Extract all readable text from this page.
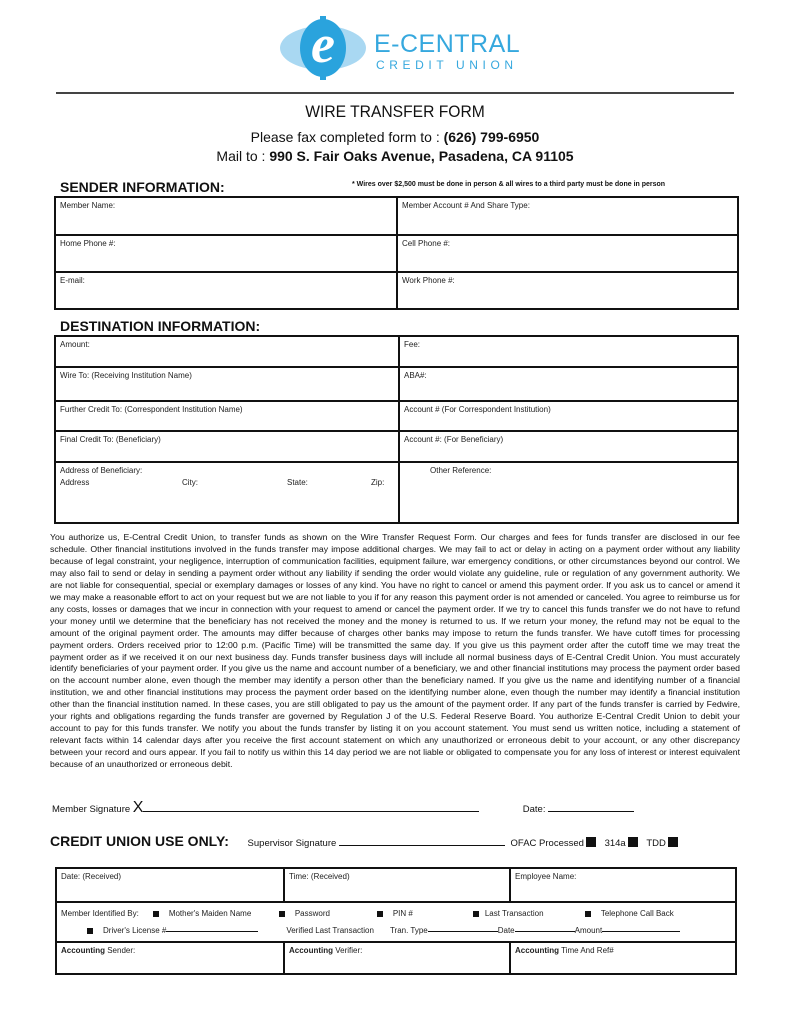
e	E-CENTRAL
CREDIT UNION
WIRE TRANSFER FORM
Please fax completed form to : (626) 799-6950
Mail to : 990 S. Fair Oaks Avenue, Pasadena, CA 91105
SENDER INFORMATION:	* Wires over $2,500 must be done in person & all wires to a third party must be done in person
Member Name:	Member Account # And Share Type:

Home Phone #:	Cell Phone #:

E-mail:	Work Phone #:
DESTINATION INFORMATION:
Amount:	Fee:

Wire To: (Receiving Institution Name)	ABA#:

Further Credit To: (Correspondent Institution Name)	Account # (For Correspondent Institution)

Final Credit To: (Beneficiary)	Account #: (For Beneficiary)

Address of Beneficiary:
Address City: State: Zip:	Other Reference:
You authorize us, E-Central Credit Union, to transfer funds as shown on the Wire Transfer Request Form. Our charges and fees for funds transfer are disclosed in our fee schedule. Other financial institutions involved in the funds transfer may impose additional charges. We may fail to act or delay in acting on a payment order without any liability because of legal constraint, your negligence, interruption of communication facilities, equipment failure, war emergency conditions, or other circumstances beyond our control. We may also fail to send or delay in sending a payment order without any liability if sending the order would violate any guideline, rule or regulation of any government authority. We are not liable for consequential, special or exemplary damages or losses of any kind. You have no right to cancel or amend this payment order. If you ask us to cancel or amend it we may make a reasonable effort to act on your request but we are not liable to you if for any reason this payment order is not amended or canceled. You agree to reimburse us for any costs, losses or damages that we incur in connection with your request to amend or cancel the payment order. If we try to cancel this funds transfer we do not have to refund your money until we determine that the beneficiary has not received the money and the money is returned to us. If we return your money, the refund may not be equal to the amount of the original payment order. The amounts may differ because of charges other banks may impose to return the funds transfer. We have cutoff times for processing payment orders. Orders received prior to 12:00 p.m. (Pacific Time) will be transmitted the same day. If you give us this payment order after the cutoff time we may treat the payment order as if we received it on our next business day. Funds transfer business days will include all normal business days of E-Central Credit Union. You must accurately identify beneficiaries of your payment order. If you give us the name and account number of a beneficiary, we and other financial institutions may process the payment order based on the account number alone, even though the member may identify a person other than the beneficiary named. If you give us the name and identifying number of a financial institution, we and other financial institutions may process the payment order based on the identifying number alone, even though the number may identify a financial institution other than the financial institution named. In these cases, you are still obligated to pay us the amount of the payment order. If any part of the funds transfer is carried by Fedwire, your rights and obligations regarding the funds transfer are governed by Regulation J of the U.S. Federal Reserve Board. You authorize E-Central Credit Union to debit your account to pay for this funds transfer. We notify you about the funds transfer by listing it on you account statement. You must send us written notice, including a statement of relevant facts within 14 calendar days after you receive the first account statement on which any unauthorized or erroneous debit to your account, or any other discrepancy between your record and ours appear. If you fail to notify us within this 14 day period we are not liable or obligated to compensate you for any loss of interest or interest equivalent because of an unauthorized or erroneous debit.
Member Signature X	Date:
CREDIT UNION USE ONLY: Supervisor Signature	OFAC Processed 314a TDD
Date: (Received)	Time: (Received)	Employee Name:

Member Identified By:	Mother's Maiden Name	Password	PIN #	Last Transaction	Telephone Call Back
Driver's License #	Verified Last Transaction Tran. Type	Date	Amount

Accounting Sender:	Accounting Verifier:	Accounting Time And Ref#
